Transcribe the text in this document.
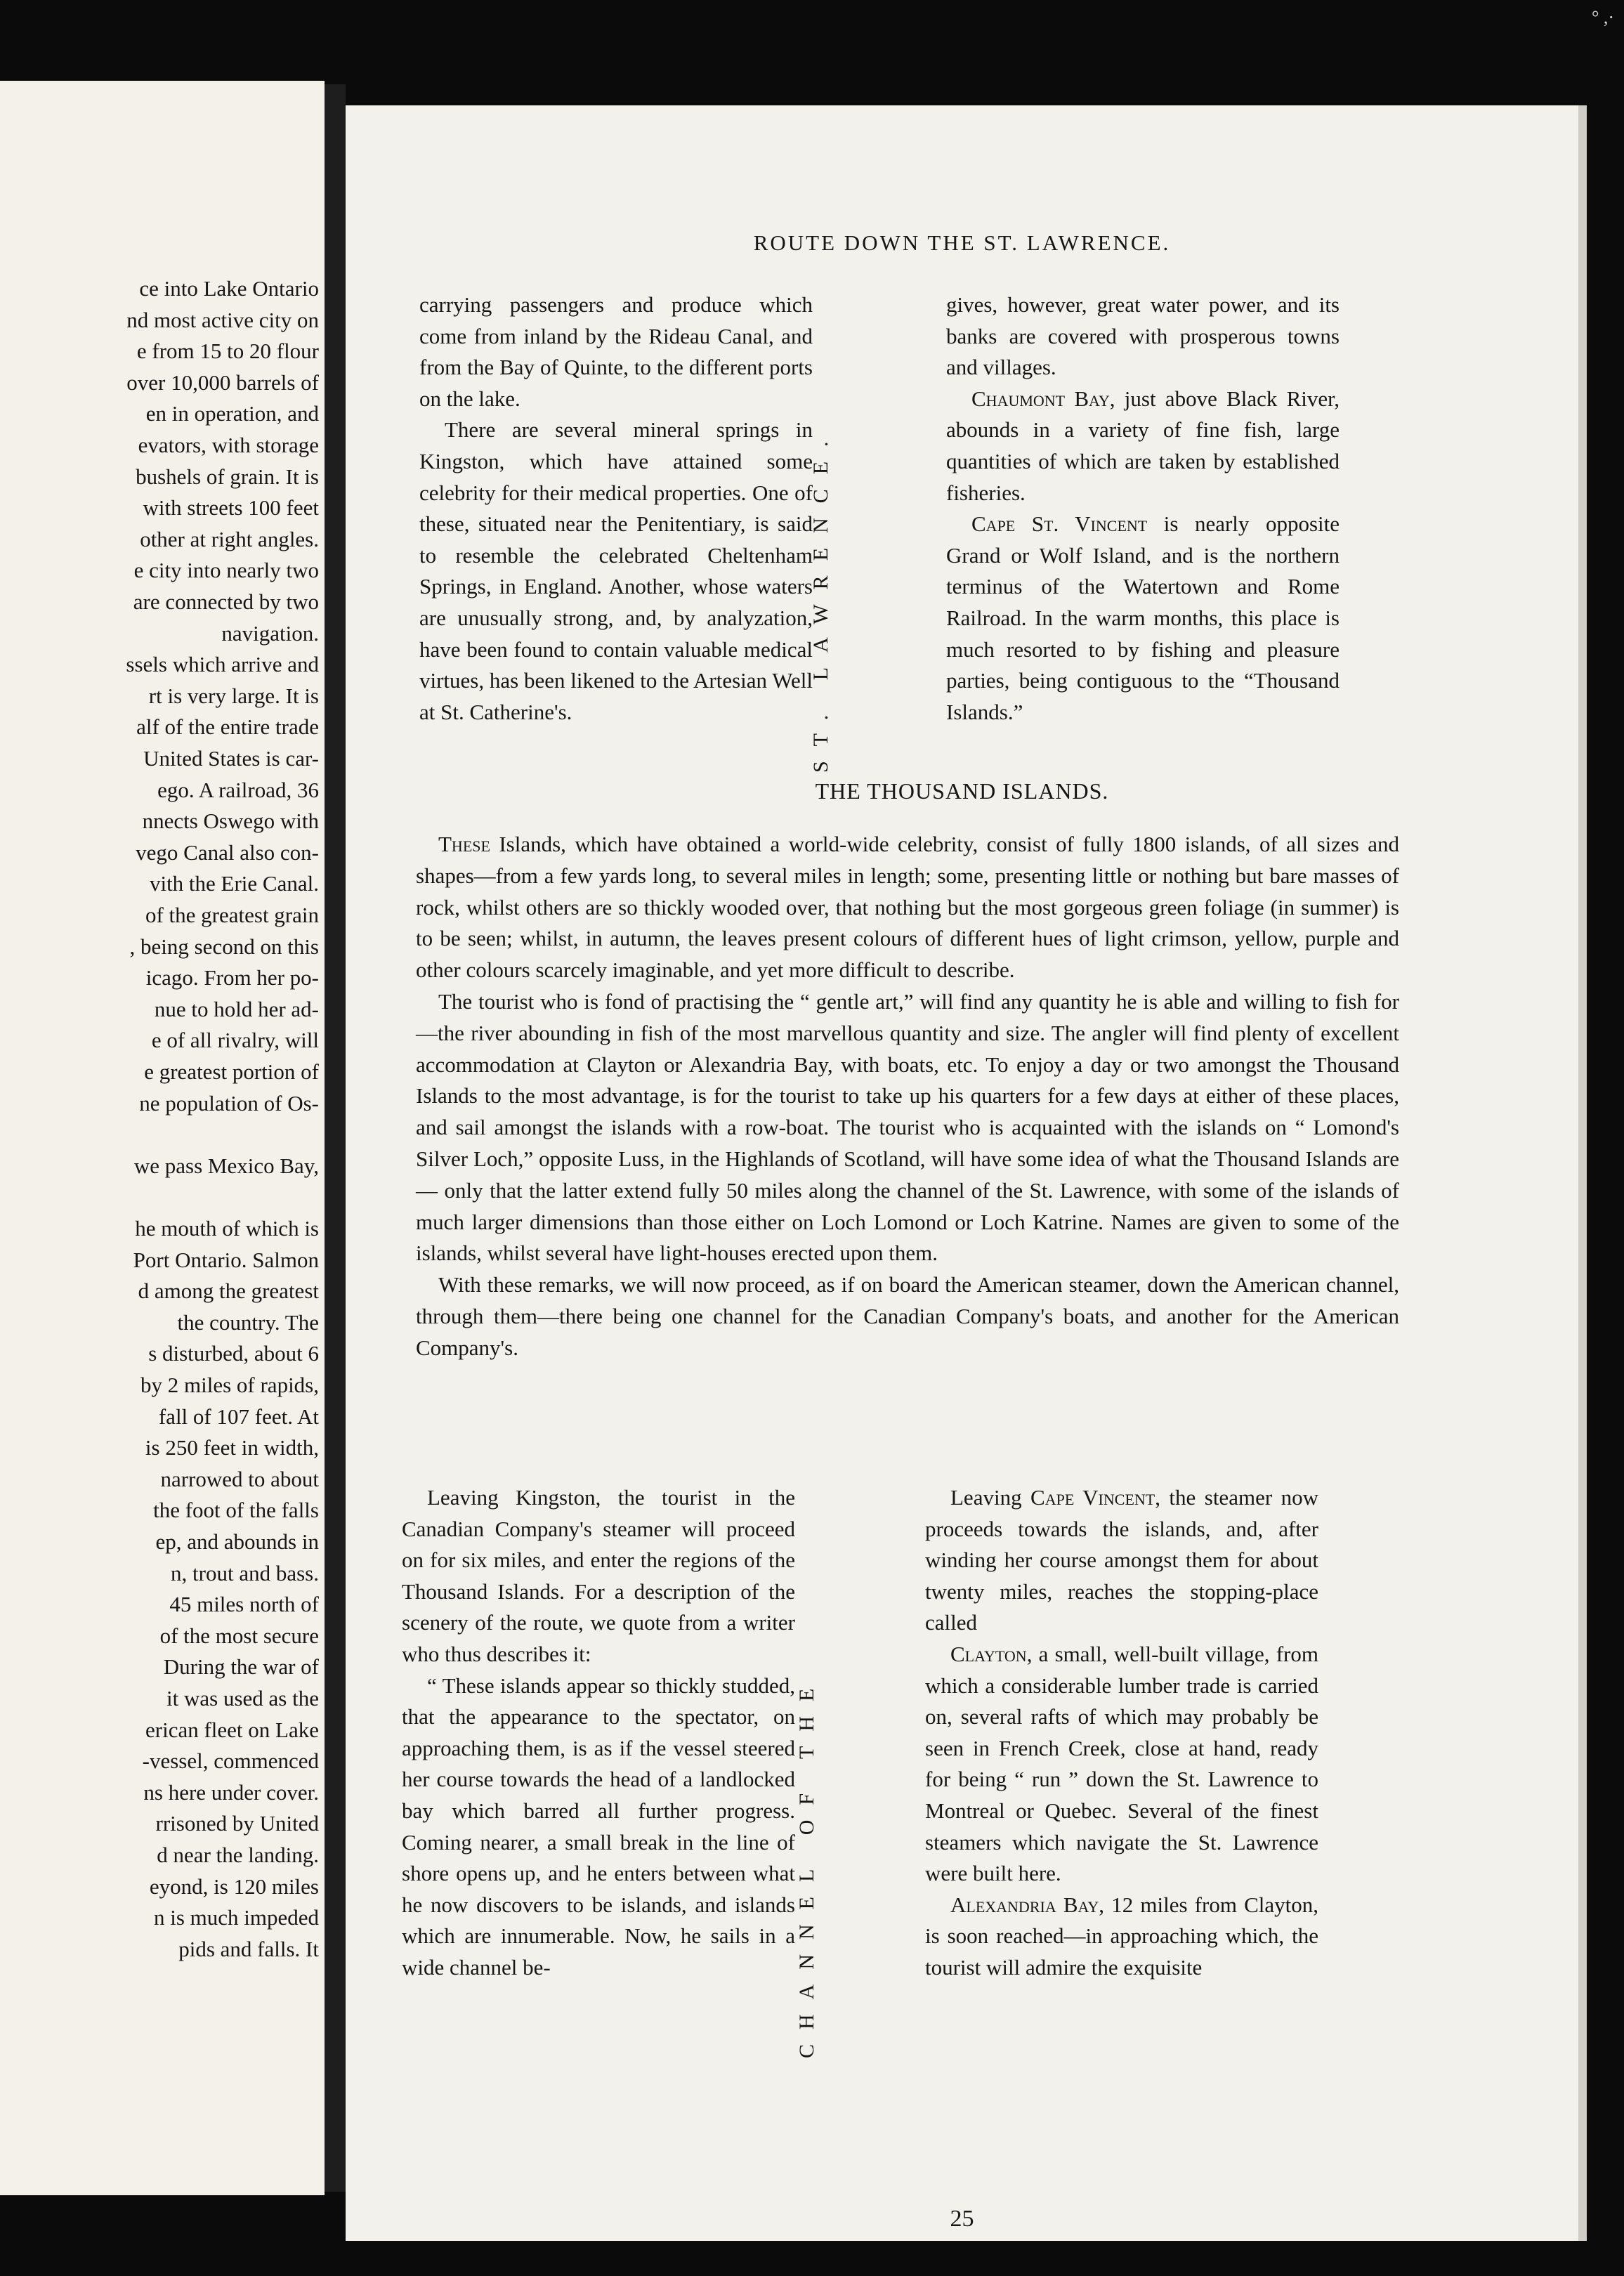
ce into Lake Ontario
nd most active city on
e from 15 to 20 flour
over 10,000 barrels of
en in operation, and
evators, with storage
bushels of grain. It is
with streets 100 feet
other at right angles.
e city into nearly two
are connected by two
navigation.
ssels which arrive and
rt is very large. It is
alf of the entire trade
United States is car-
ego. A railroad, 36
nnects Oswego with
vego Canal also con-
vith the Erie Canal.
of the greatest grain
, being second on this
icago. From her po-
nue to hold her ad-
e of all rivalry, will
e greatest portion of
ne population of Os-
we pass Mexico Bay,
he mouth of which is
Port Ontario. Salmon
d among the greatest
the country. The
s disturbed, about 6
by 2 miles of rapids,
fall of 107 feet. At
is 250 feet in width,
narrowed to about
the foot of the falls
ep, and abounds in
n, trout and bass.
45 miles north of
of the most secure
During the war of
it was used as the
erican fleet on Lake
-vessel, commenced
ns here under cover.
rrisoned by United
d near the landing.
eyond, is 120 miles
n is much impeded
pids and falls. It
ROUTE DOWN THE ST. LAWRENCE.

carrying passengers and produce which come from inland by the Rideau Canal, and from the Bay of Quinte, to the different ports on the lake.

There are several mineral springs in Kingston, which have attained some celebrity for their medical properties. One of these, situated near the Penitentiary, is said to resemble the celebrated Cheltenham Springs, in England. Another, whose waters are unusually strong, and, by analyzation, have been found to contain valuable medical virtues, has been likened to the Artesian Well at St. Catherine's.	ST. LAWRENCE.

gives, however, great water power, and its banks are covered with prosperous towns and villages.

Chaumont Bay, just above Black River, abounds in a variety of fine fish, large quantities of which are taken by established fisheries.

Cape St. Vincent is nearly opposite Grand or Wolf Island, and is the northern terminus of the Watertown and Rome Railroad. In the warm months, this place is much resorted to by fishing and pleasure parties, being contiguous to the “Thousand Islands.”

THE THOUSAND ISLANDS.

These Islands, which have obtained a world-wide celebrity, consist of fully 1800 islands, of all sizes and shapes—from a few yards long, to several miles in length; some, presenting little or nothing but bare masses of rock, whilst others are so thickly wooded over, that nothing but the most gorgeous green foliage (in summer) is to be seen; whilst, in autumn, the leaves present colours of different hues of light crimson, yellow, purple and other colours scarcely imaginable, and yet more difficult to describe.

The tourist who is fond of practising the “ gentle art,” will find any quantity he is able and willing to fish for—the river abounding in fish of the most marvellous quantity and size. The angler will find plenty of excellent accommodation at Clayton or Alexandria Bay, with boats, etc. To enjoy a day or two amongst the Thousand Islands to the most advantage, is for the tourist to take up his quarters for a few days at either of these places, and sail amongst the islands with a row-boat. The tourist who is acquainted with the islands on “ Lomond's Silver Loch,” opposite Luss, in the Highlands of Scotland, will have some idea of what the Thousand Islands are — only that the latter extend fully 50 miles along the channel of the St. Lawrence, with some of the islands of much larger dimensions than those either on Loch Lomond or Loch Katrine. Names are given to some of the islands, whilst several have light-houses erected upon them.

With these remarks, we will now proceed, as if on board the American steamer, down the American channel, through them—there being one channel for the Canadian Company's boats, and another for the American Company's.

Leaving Kingston, the tourist in the Canadian Company's steamer will proceed on for six miles, and enter the regions of the Thousand Islands. For a description of the scenery of the route, we quote from a writer who thus describes it:

“ These islands appear so thickly studded, that the appearance to the spectator, on approaching them, is as if the vessel steered her course towards the head of a landlocked bay which barred all further progress. Coming nearer, a small break in the line of shore opens up, and he enters between what he now discovers to be islands, and islands which are innumerable. Now, he sails in a wide channel be-	CHANNEL OF THE

Leaving Cape Vincent, the steamer now proceeds towards the islands, and, after winding her course amongst them for about twenty miles, reaches the stopping-place called

Clayton, a small, well-built village, from which a considerable lumber trade is carried on, several rafts of which may probably be seen in French Creek, close at hand, ready for being “ run ” down the St. Lawrence to Montreal or Quebec. Several of the finest steamers which navigate the St. Lawrence were built here.

Alexandria Bay, 12 miles from Clayton, is soon reached—in approaching which, the tourist will admire the exquisite

25
° ,·
